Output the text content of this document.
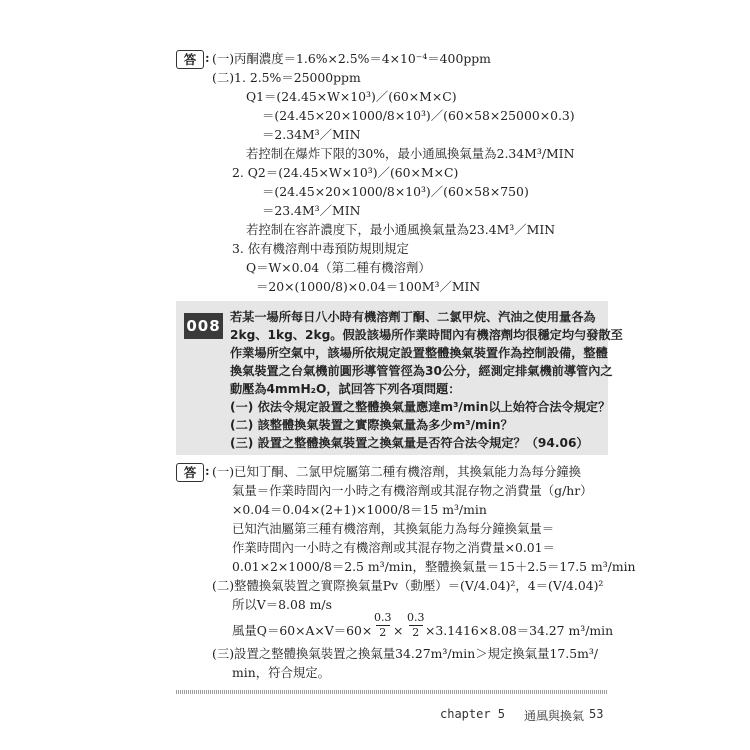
答 : (一)丙酮濃度＝1.6%×2.5%＝4×10⁻⁴＝400ppm
(二)1. 2.5%＝25000ppm
Q1＝(24.45×W×10³)／(60×M×C)
＝(24.45×20×1000/8×10³)／(60×58×25000×0.3)
＝2.34M³／MIN
若控制在爆炸下限的30%，最小通風換氣量為2.34M³/MIN
2. Q2＝(24.45×W×10³)／(60×M×C)
＝(24.45×20×1000/8×10³)／(60×58×750)
＝23.4M³／MIN
若控制在容許濃度下，最小通風換氣量為23.4M³／MIN
3. 依有機溶劑中毒預防規則規定
Q＝W×0.04（第二種有機溶劑）
＝20×(1000/8)×0.04＝100M³／MIN
008 若某一場所每日八小時有機溶劑丁酮、二氯甲烷、汽油之使用量各為
2kg、1kg、2kg。假設該場所作業時間內有機溶劑均很穩定均勻發散至
作業場所空氣中，該場所依規定設置整體換氣裝置作為控制設備，整體
換氣裝置之台氣機前圓形導管管徑為30公分，經測定排氣機前導管內之
動壓為4mmH₂O，試回答下列各項問題：
(一) 依法令規定設置之整體換氣量應達m³/min以上始符合法令規定？
(二) 該整體換氣裝置之實際換氣量為多少m³/min？
(三) 設置之整體換氣裝置之換氣量是否符合法令規定？（94.06）
答 : (一)已知丁酮、二氯甲烷屬第二種有機溶劑，其換氣能力為每分鐘換
氣量＝作業時間內一小時之有機溶劑或其混存物之消費量（g/hr）
×0.04＝0.04×(2+1)×1000/8＝15 m³/min
已知汽油屬第三種有機溶劑，其換氣能力為每分鐘換氣量＝
作業時間內一小時之有機溶劑或其混存物之消費量×0.01＝
0.01×2×1000/8＝2.5 m³/min，整體換氣量＝15＋2.5＝17.5 m³/min
(二)整體換氣裝置之實際換氣量Pv（動壓）＝(V/4.04)²，4＝(V/4.04)²
所以V＝8.08 m/s
風量Q＝60×A×V＝60×
0.3
2 ×
0.3
2 ×3.1416×8.08＝34.27 m³/min
(三)設置之整體換氣裝置之換氣量34.27m³/min＞規定換氣量17.5m³/
min，符合規定。
chapter 5 通風與換氣 53
